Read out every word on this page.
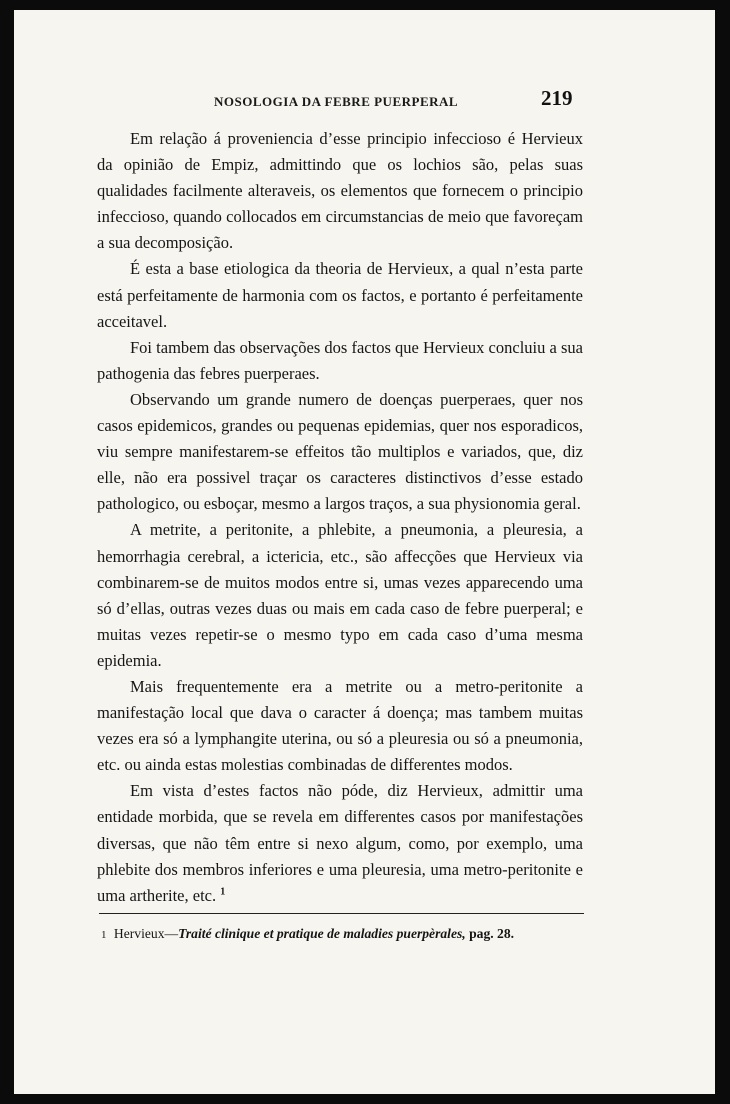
NOSOLOGIA DA FEBRE PUERPERAL	219

Em relação á proveniencia d’esse principio infeccioso é Hervieux da opinião de Empiz, admittindo que os lochios são, pelas suas qualidades facilmente alteraveis, os elementos que fornecem o principio infeccioso, quando collocados em circumstancias de meio que favoreçam a sua decomposição.

É esta a base etiologica da theoria de Hervieux, a qual n’esta parte está perfeitamente de harmonia com os factos, e portanto é perfeitamente acceitavel.

Foi tambem das observações dos factos que Hervieux concluiu a sua pathogenia das febres puerperaes.

Observando um grande numero de doenças puerperaes, quer nos casos epidemicos, grandes ou pequenas epidemias, quer nos esporadicos, viu sempre manifestarem-se effeitos tão multiplos e variados, que, diz elle, não era possivel traçar os caracteres distinctivos d’esse estado pathologico, ou esboçar, mesmo a largos traços, a sua physionomia geral.

A metrite, a peritonite, a phlebite, a pneumonia, a pleuresia, a hemorrhagia cerebral, a ictericia, etc., são affecções que Hervieux via combinarem-se de muitos modos entre si, umas vezes apparecendo uma só d’ellas, outras vezes duas ou mais em cada caso de febre puerperal; e muitas vezes repetir-se o mesmo typo em cada caso d’uma mesma epidemia.

Mais frequentemente era a metrite ou a metro-peritonite a manifestação local que dava o caracter á doença; mas tambem muitas vezes era só a lymphangite uterina, ou só a pleuresia ou só a pneumonia, etc. ou ainda estas molestias combinadas de differentes modos.

Em vista d’estes factos não póde, diz Hervieux, admittir uma entidade morbida, que se revela em differentes casos por manifestações diversas, que não têm entre si nexo algum, como, por exemplo, uma phlebite dos membros inferiores e uma pleuresia, uma metro-peritonite e uma artherite, etc. $^1$

1 Hervieux—Traité clinique et pratique de maladies puerpèrales, pag. 28.
